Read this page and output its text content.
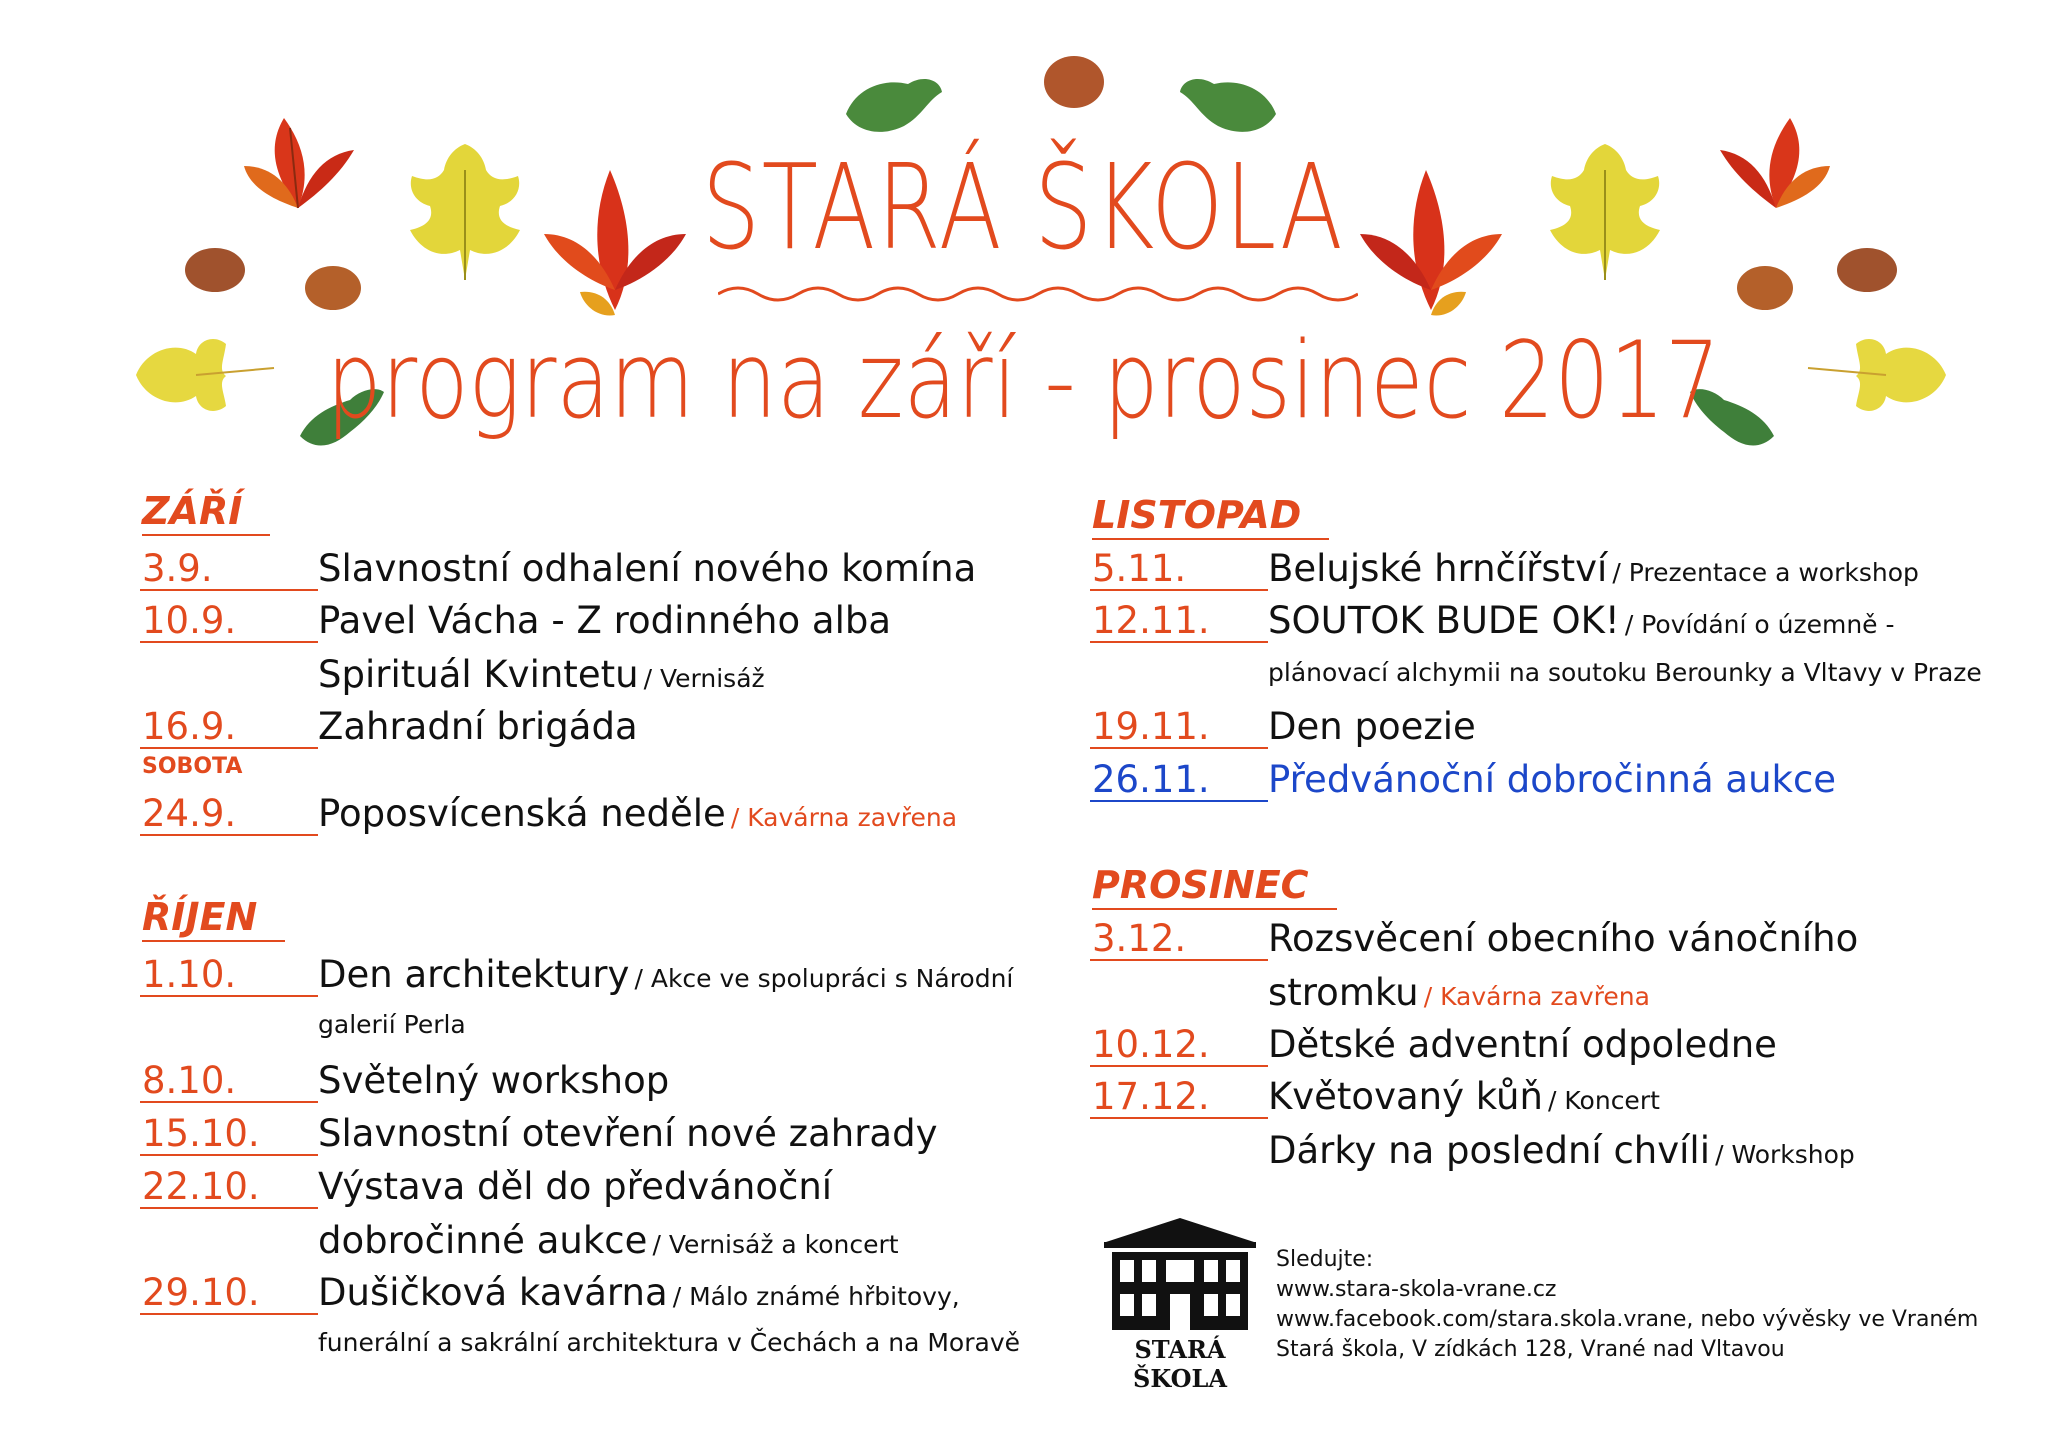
STARÁ ŠKOLA
program na září - prosinec 2017
ZÁŘÍ
3.9.	Slavnostní odhalení nového komína
10.9.	Pavel Vácha - Z rodinného alba
Spirituál Kvintetu / Vernisáž
16.9.	Zahradní brigáda
SOBOTA
24.9.	Poposvícenská neděle / Kavárna zavřena
ŘÍJEN
1.10.	Den architektury / Akce ve spolupráci s Národní
galerií Perla
8.10.	Světelný workshop
15.10.	Slavnostní otevření nové zahrady
22.10.	Výstava děl do předvánoční
dobročinné aukce / Vernisáž a koncert
29.10.	Dušičková kavárna / Málo známé hřbitovy,
funerální a sakrální architektura v Čechách a na Moravě
LISTOPAD
5.11.	Belujské hrnčířství / Prezentace a workshop
12.11.	SOUTOK BUDE OK! / Povídání o územně -
plánovací alchymii na soutoku Berounky a Vltavy v Praze
19.11.	Den poezie
26.11.	Předvánoční dobročinná aukce
PROSINEC
3.12.	Rozsvěcení obecního vánočního
stromku / Kavárna zavřena
10.12.	Dětské adventní odpoledne
17.12.	Květovaný kůň / Koncert
Dárky na poslední chvíli / Workshop
STARÁ ŠKOLA
Sledujte:
www.stara-skola-vrane.cz
www.facebook.com/stara.skola.vrane, nebo vývěsky ve Vraném
Stará škola, V zídkách 128, Vrané nad Vltavou
